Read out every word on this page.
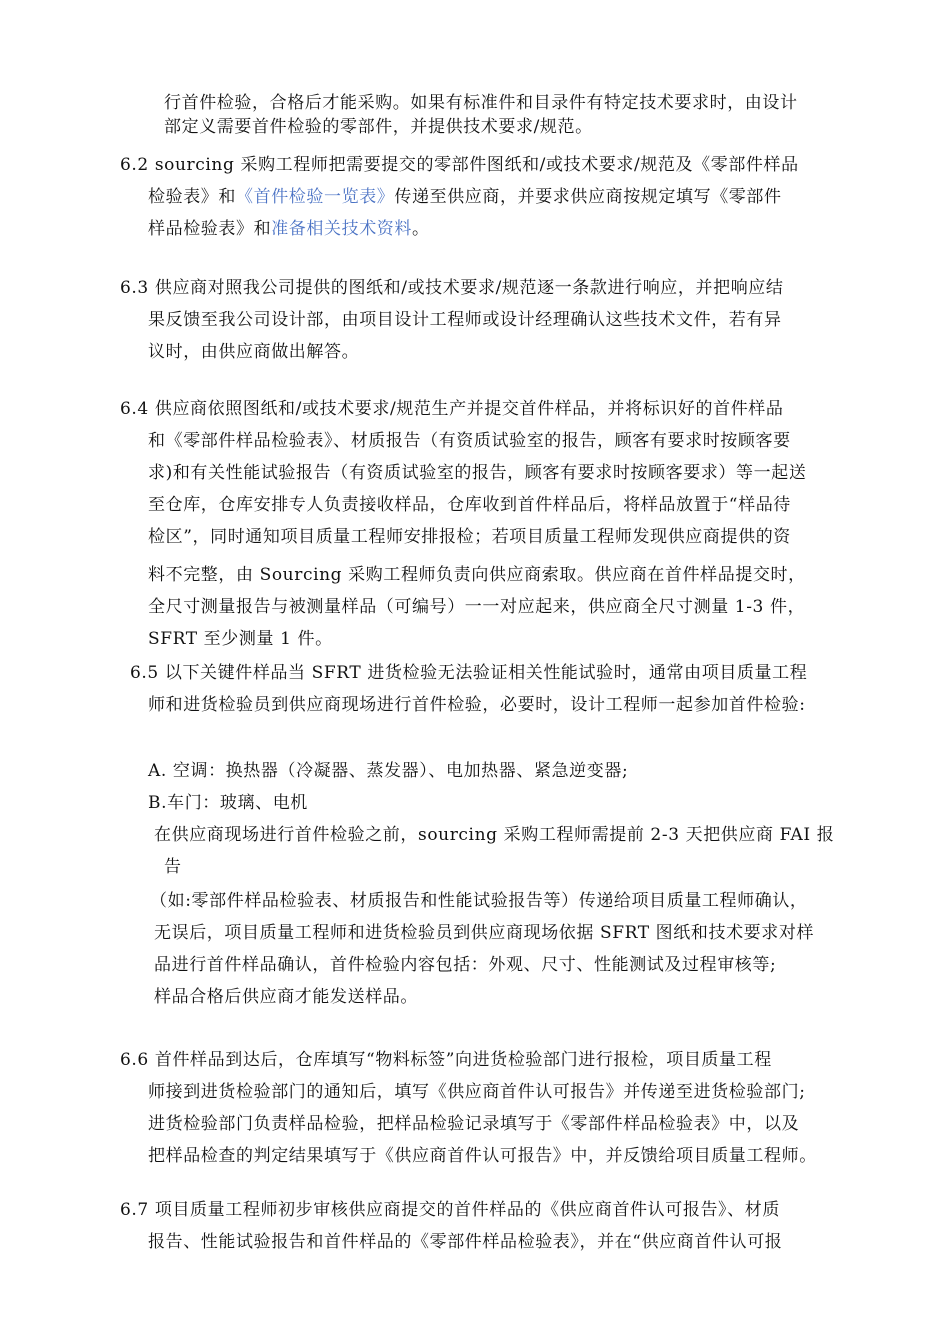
行首件检验，合格后才能采购。如果有标准件和目录件有特定技术要求时，由设计
部定义需要首件检验的零部件，并提供技术要求/规范。
6.2 sourcing 采购工程师把需要提交的零部件图纸和/或技术要求/规范及《零部件样品
检验表》和《首件检验一览表》传递至供应商，并要求供应商按规定填写《零部件
样品检验表》和准备相关技术资料。
6.3 供应商对照我公司提供的图纸和/或技术要求/规范逐一条款进行响应，并把响应结
果反馈至我公司设计部，由项目设计工程师或设计经理确认这些技术文件，若有异
议时，由供应商做出解答。
6.4 供应商依照图纸和/或技术要求/规范生产并提交首件样品，并将标识好的首件样品
和《零部件样品检验表》、材质报告（有资质试验室的报告，顾客有要求时按顾客要
求)和有关性能试验报告（有资质试验室的报告，顾客有要求时按顾客要求）等一起送
至仓库，仓库安排专人负责接收样品，仓库收到首件样品后，将样品放置于“样品待
检区”，同时通知项目质量工程师安排报检；若项目质量工程师发现供应商提供的资
料不完整，由 Sourcing 采购工程师负责向供应商索取。供应商在首件样品提交时，
全尺寸测量报告与被测量样品（可编号）一一对应起来，供应商全尺寸测量 1-3 件，
SFRT 至少测量 1 件。
6.5 以下关键件样品当 SFRT 进货检验无法验证相关性能试验时，通常由项目质量工程
师和进货检验员到供应商现场进行首件检验，必要时，设计工程师一起参加首件检验:
A. 空调：换热器（冷凝器、蒸发器）、电加热器、紧急逆变器;
B.车门：玻璃、电机
在供应商现场进行首件检验之前，sourcing 采购工程师需提前 2-3 天把供应商 FAI 报
告
（如:零部件样品检验表、材质报告和性能试验报告等）传递给项目质量工程师确认，
无误后，项目质量工程师和进货检验员到供应商现场依据 SFRT 图纸和技术要求对样
品进行首件样品确认，首件检验内容包括：外观、尺寸、性能测试及过程审核等;
样品合格后供应商才能发送样品。
6.6 首件样品到达后，仓库填写“物料标签”向进货检验部门进行报检，项目质量工程
师接到进货检验部门的通知后，填写《供应商首件认可报告》并传递至进货检验部门;
进货检验部门负责样品检验，把样品检验记录填写于《零部件样品检验表》中，以及
把样品检查的判定结果填写于《供应商首件认可报告》中，并反馈给项目质量工程师。
6.7 项目质量工程师初步审核供应商提交的首件样品的《供应商首件认可报告》、材质
报告、性能试验报告和首件样品的《零部件样品检验表》，并在“供应商首件认可报
